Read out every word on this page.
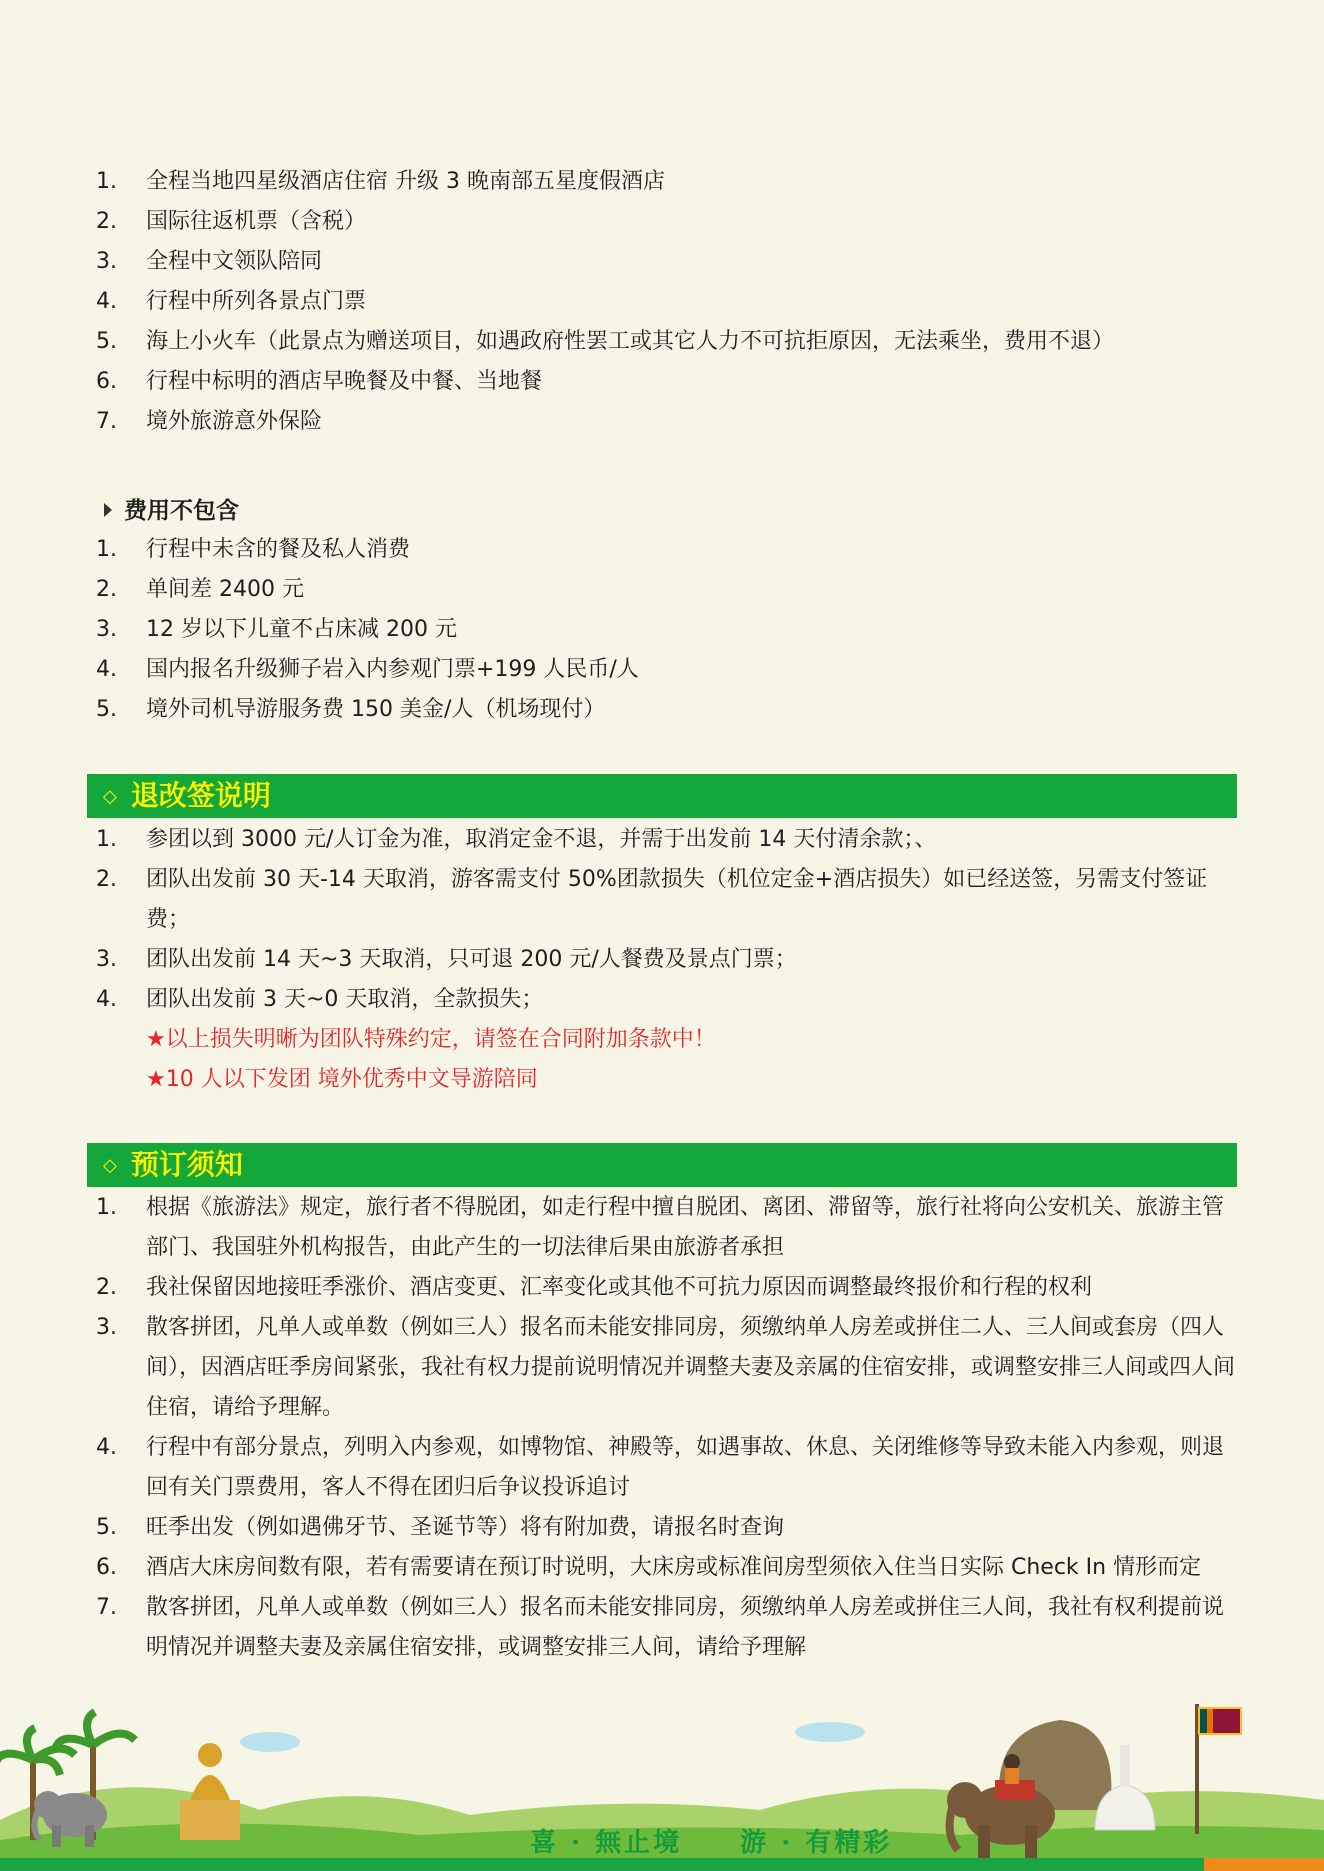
1.	全程当地四星级酒店住宿 升级 3 晚南部五星度假酒店
2.	国际往返机票（含税）
3.	全程中文领队陪同
4.	行程中所列各景点门票
5.	海上小火车（此景点为赠送项目，如遇政府性罢工或其它人力不可抗拒原因，无法乘坐，费用不退）
6.	行程中标明的酒店早晚餐及中餐、当地餐
7.	境外旅游意外保险
费用不包含
1.	行程中未含的餐及私人消费
2.	单间差 2400 元
3.	12 岁以下儿童不占床减 200 元
4.	国内报名升级狮子岩入内参观门票+199 人民币/人
5.	境外司机导游服务费 150 美金/人（机场现付）
◇ 退改签说明
1.	参团以到 3000 元/人订金为准，取消定金不退，并需于出发前 14 天付清余款；、
2.	团队出发前 30 天-14 天取消，游客需支付 50%团款损失（机位定金+酒店损失）如已经送签，另需支付签证费；
3.	团队出发前 14 天~3 天取消，只可退 200 元/人餐费及景点门票；
4.	团队出发前 3 天~0 天取消，全款损失；
★以上损失明晰为团队特殊约定，请签在合同附加条款中！
★10 人以下发团 境外优秀中文导游陪同
◇ 预订须知
1.	根据《旅游法》规定，旅行者不得脱团，如走行程中擅自脱团、离团、滞留等，旅行社将向公安机关、旅游主管部门、我国驻外机构报告，由此产生的一切法律后果由旅游者承担
2.	我社保留因地接旺季涨价、酒店变更、汇率变化或其他不可抗力原因而调整最终报价和行程的权利
3.	散客拼团，凡单人或单数（例如三人）报名而未能安排同房，须缴纳单人房差或拼住二人、三人间或套房（四人间），因酒店旺季房间紧张，我社有权力提前说明情况并调整夫妻及亲属的住宿安排，或调整安排三人间或四人间住宿，请给予理解。
4.	行程中有部分景点，列明入内参观，如博物馆、神殿等，如遇事故、休息、关闭维修等导致未能入内参观，则退回有关门票费用，客人不得在团归后争议投诉追讨
5.	旺季出发（例如遇佛牙节、圣诞节等）将有附加费，请报名时查询
6.	酒店大床房间数有限，若有需要请在预订时说明，大床房或标准间房型须依入住当日实际 Check In 情形而定
7.	散客拼团，凡单人或单数（例如三人）报名而未能安排同房，须缴纳单人房差或拼住三人间，我社有权利提前说明情况并调整夫妻及亲属住宿安排，或调整安排三人间，请给予理解
喜 · 無止境　　游 · 有精彩
